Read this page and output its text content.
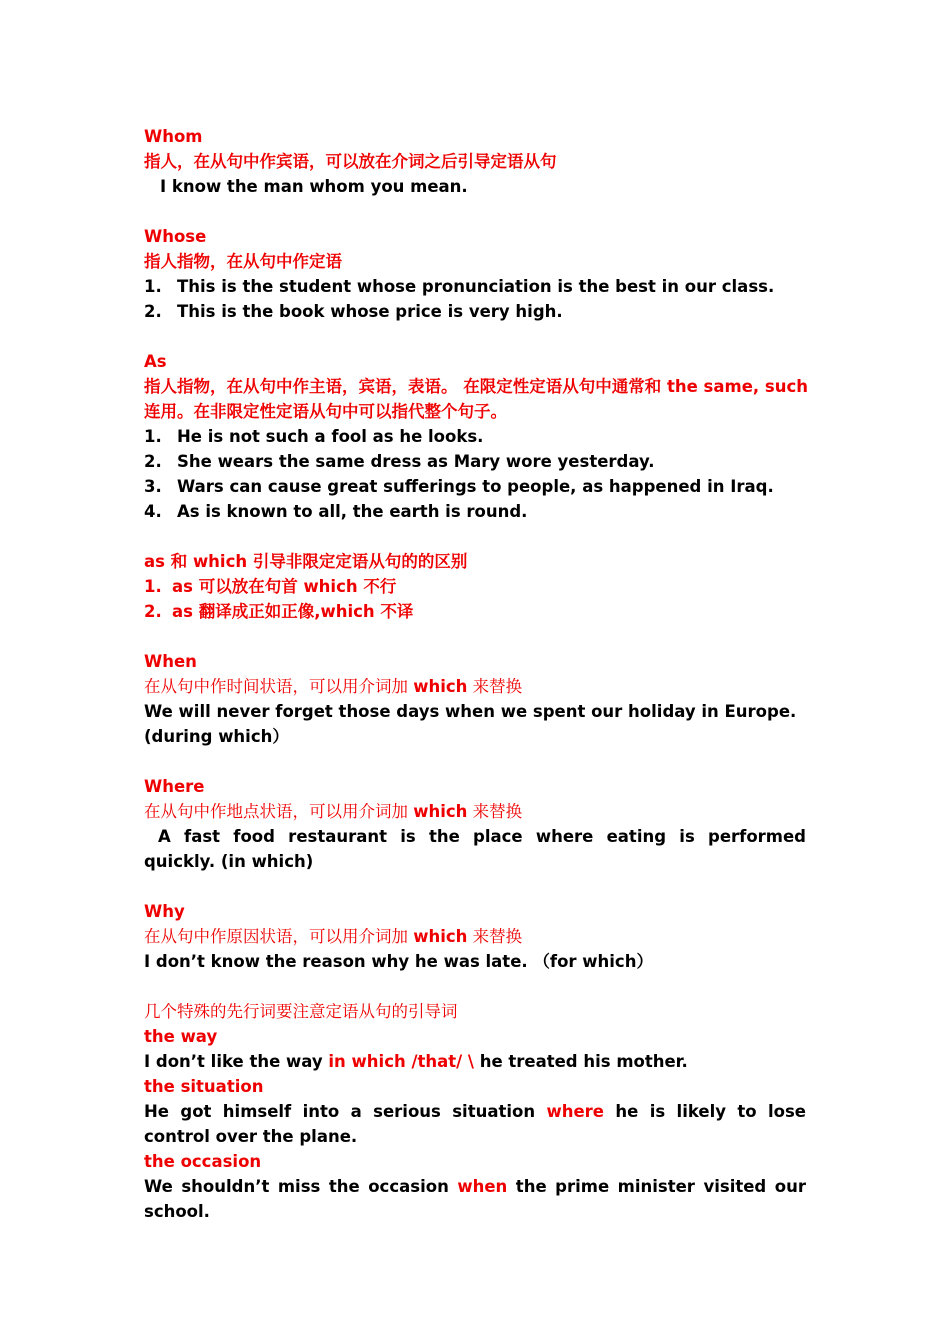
Whom
指人，在从句中作宾语，可以放在介词之后引导定语从句
I know the man whom you mean.
Whose
指人指物，在从句中作定语
1. This is the student whose pronunciation is the best in our class.
2. This is the book whose price is very high.
As
指人指物，在从句中作主语，宾语，表语。 在限定性定语从句中通常和 the same, such
连用。在非限定性定语从句中可以指代整个句子。
1. He is not such a fool as he looks.
2. She wears the same dress as Mary wore yesterday.
3. Wars can cause great sufferings to people, as happened in Iraq.
4. As is known to all, the earth is round.
as 和 which 引导非限定定语从句的的区别
1. as 可以放在句首 which 不行
2. as 翻译成正如正像,which 不译
When
在从句中作时间状语，可以用介词加 which 来替换
We will never forget those days when we spent our holiday in Europe.
(during which）
Where
在从句中作地点状语，可以用介词加 which 来替换
A fast food restaurant is the place where eating is performed
quickly. (in which)
Why
在从句中作原因状语，可以用介词加 which 来替换
I don’t know the reason why he was late. （for which）
几个特殊的先行词要注意定语从句的引导词
the way
I don’t like the way in which /that/ \ he treated his mother.
the situation
He got himself into a serious situation where he is likely to lose
control over the plane.
the occasion
We shouldn’t miss the occasion when the prime minister visited our
school.
